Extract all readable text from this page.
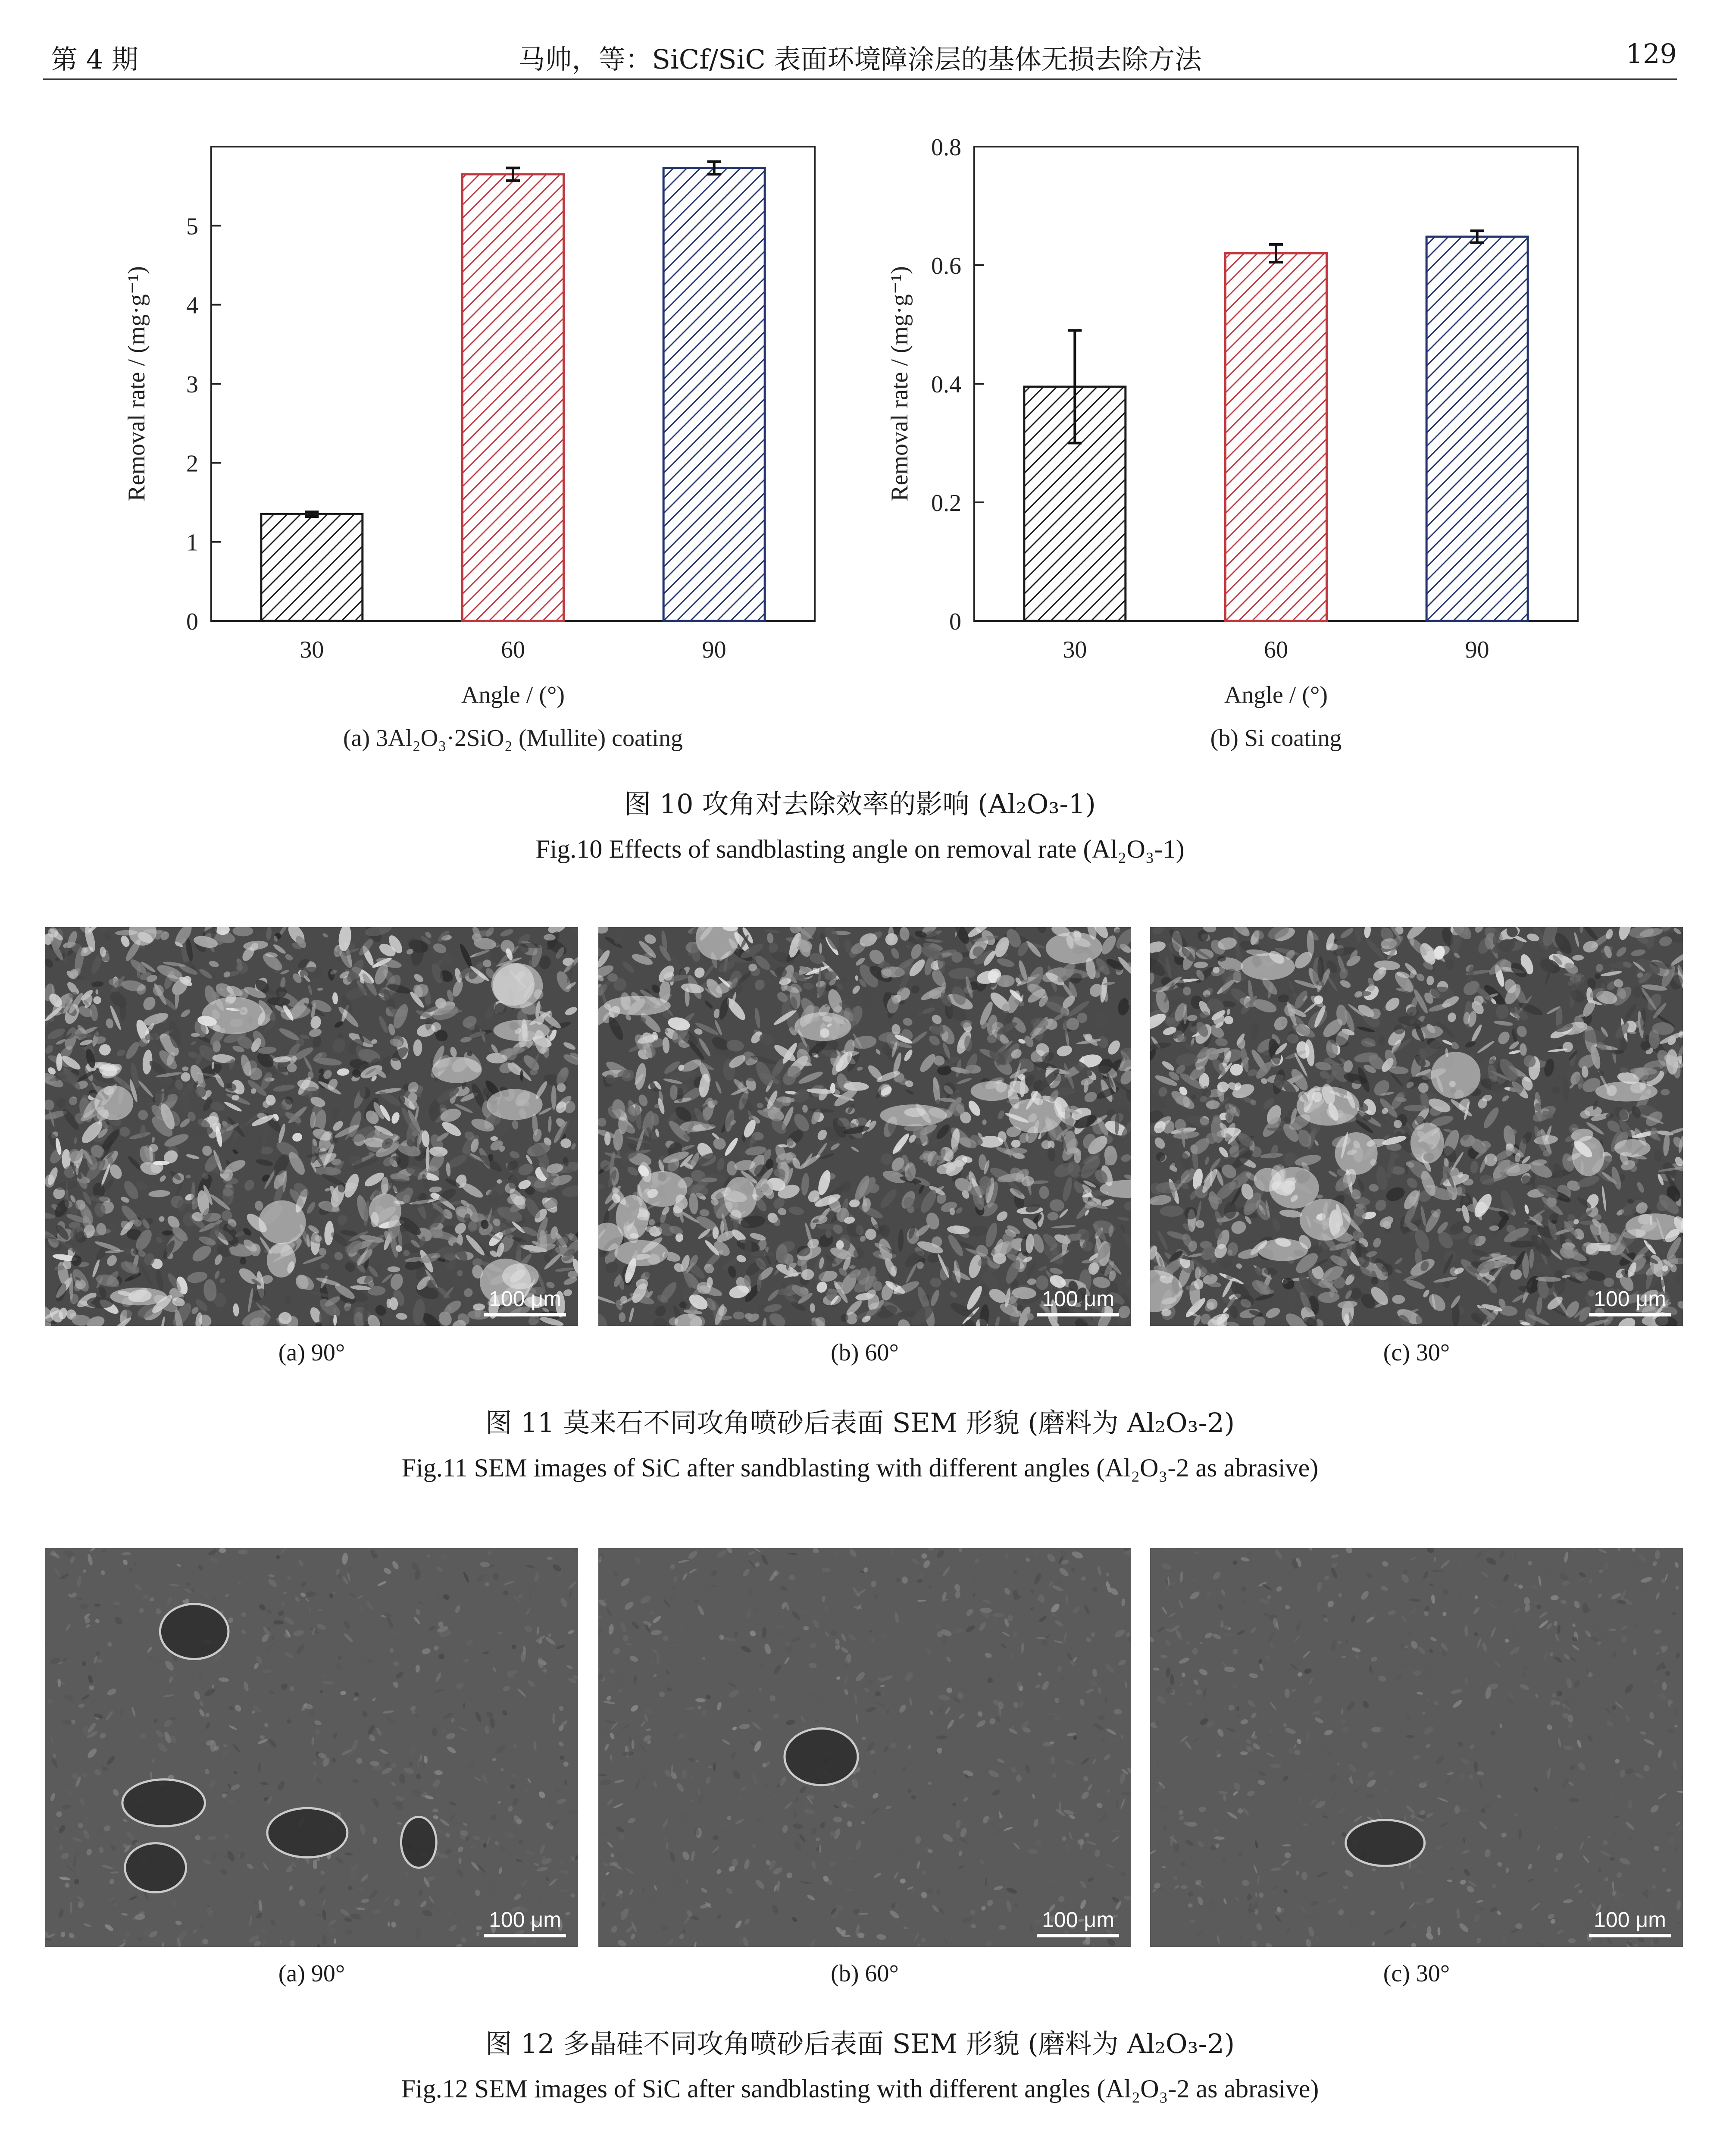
第 4 期	马帅，等：SiCf/SiC 表面环境障涂层的基体无损去除方法	129
0
1
2
3
4
5
30	60	90
Angle / (°)
Removal rate / (mg·g⁻¹)
(a) 3Al₂O₃·2SiO₂ (Mullite) coating
0
0.2
0.4
0.6
0.8
30	60	90
Angle / (°)
Removal rate / (mg·g⁻¹)
(b) Si coating
图 10 攻角对去除效率的影响 (Al₂O₃-1)
Fig.10 Effects of sandblasting angle on removal rate (Al₂O₃-1)
100 μm	100 μm	100 μm
(a) 90°	(b) 60°	(c) 30°
图 11 莫来石不同攻角喷砂后表面 SEM 形貌 (磨料为 Al₂O₃-2)
Fig.11 SEM images of SiC after sandblasting with different angles (Al₂O₃-2 as abrasive)
100 μm	100 μm	100 μm
(a) 90°	(b) 60°	(c) 30°
图 12 多晶硅不同攻角喷砂后表面 SEM 形貌 (磨料为 Al₂O₃-2)
Fig.12 SEM images of SiC after sandblasting with different angles (Al₂O₃-2 as abrasive)
